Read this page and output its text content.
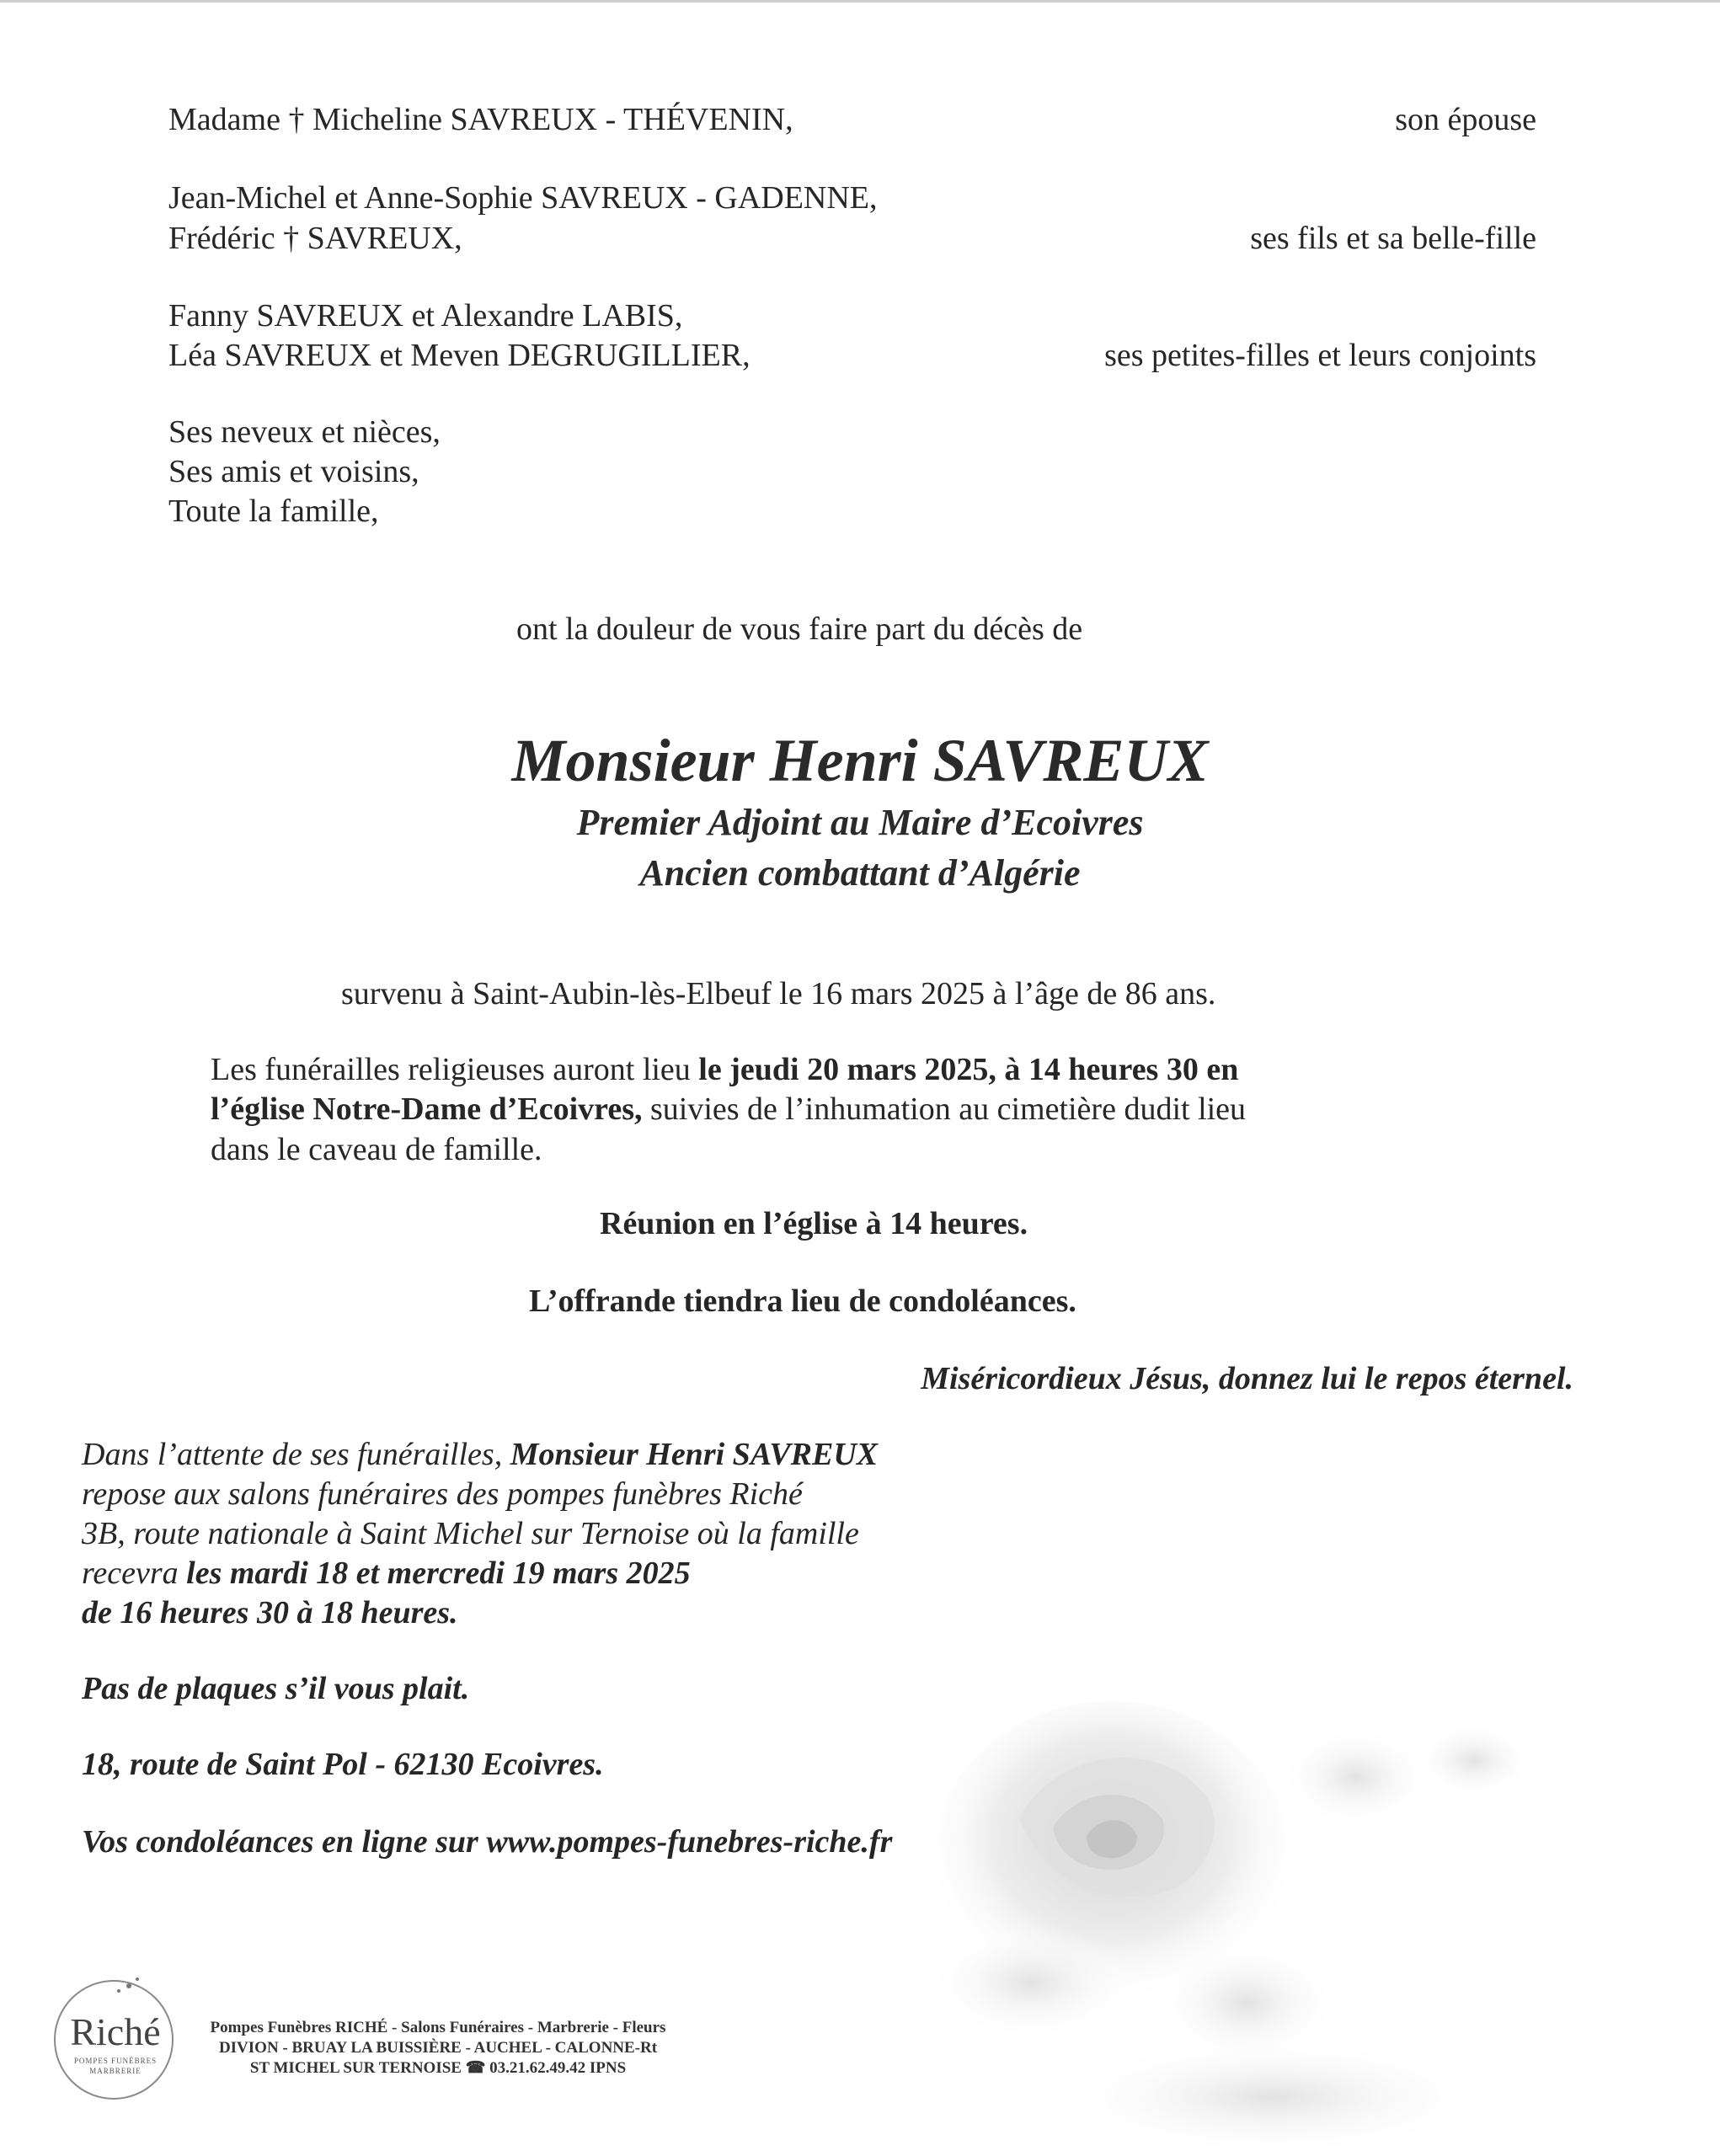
Madame † Micheline SAVREUX - THÉVENIN,	son épouse
Jean-Michel et Anne-Sophie SAVREUX - GADENNE,
Frédéric † SAVREUX,	ses fils et sa belle-fille
Fanny SAVREUX et Alexandre LABIS,
Léa SAVREUX et Meven DEGRUGILLIER,	ses petites-filles et leurs conjoints
Ses neveux et nièces,
Ses amis et voisins,
Toute la famille,
ont la douleur de vous faire part du décès de
Monsieur Henri SAVREUX
Premier Adjoint au Maire d’Ecoivres
Ancien combattant d’Algérie
survenu à Saint-Aubin-lès-Elbeuf le 16 mars 2025 à l’âge de 86 ans.
Les funérailles religieuses auront lieu le jeudi 20 mars 2025, à 14 heures 30 en
l’église Notre-Dame d’Ecoivres, suivies de l’inhumation au cimetière dudit lieu
dans le caveau de famille.
Réunion en l’église à 14 heures.
L’offrande tiendra lieu de condoléances.
Miséricordieux Jésus, donnez lui le repos éternel.
Dans l’attente de ses funérailles, Monsieur Henri SAVREUX
repose aux salons funéraires des pompes funèbres Riché
3B, route nationale à Saint Michel sur Ternoise où la famille
recevra les mardi 18 et mercredi 19 mars 2025
de 16 heures 30 à 18 heures.
Pas de plaques s’il vous plait.
18, route de Saint Pol - 62130 Ecoivres.
Vos condoléances en ligne sur www.pompes-funebres-riche.fr
Riché
POMPES FUNÈBRES
MARBRERIE
Pompes Funèbres RICHÉ - Salons Funéraires - Marbrerie - Fleurs
DIVION - BRUAY LA BUISSIÈRE - AUCHEL - CALONNE-Rt
ST MICHEL SUR TERNOISE ☎ 03.21.62.49.42 IPNS
